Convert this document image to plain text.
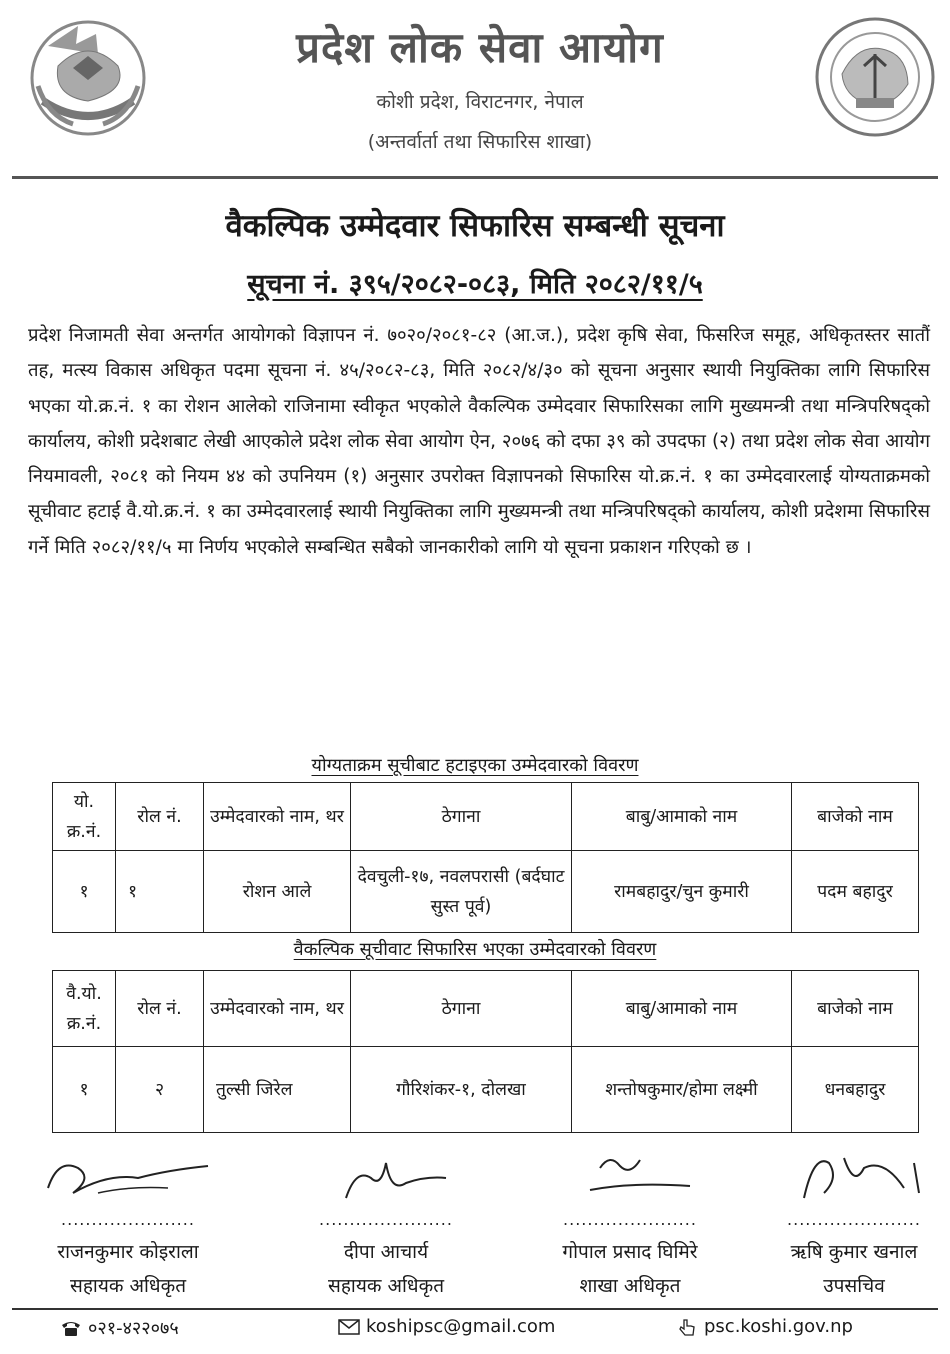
प्रदेश लोक सेवा आयोग
कोशी प्रदेश, विराटनगर, नेपाल
(अन्तर्वार्ता तथा सिफारिस शाखा)
वैकल्पिक उम्मेदवार सिफारिस सम्बन्धी सूचना
सूचना नं. ३९५/२०८२-०८३, मिति २०८२/११/५
प्रदेश निजामती सेवा अन्तर्गत आयोगको विज्ञापन नं. ७०२०/२०८१-८२ (आ.ज.), प्रदेश कृषि सेवा, फिसरिज समूह, अधिकृतस्तर सातौं तह, मत्स्य विकास अधिकृत पदमा सूचना नं. ४५/२०८२-८३, मिति २०८२/४/३० को सूचना अनुसार स्थायी नियुक्तिका लागि सिफारिस भएका यो.क्र.नं. १ का रोशन आलेको राजिनामा स्वीकृत भएकोले वैकल्पिक उम्मेदवार सिफारिसका लागि मुख्यमन्त्री तथा मन्त्रिपरिषद्को कार्यालय, कोशी प्रदेशबाट लेखी आएकोले प्रदेश लोक सेवा आयोग ऐन, २०७६ को दफा ३९ को उपदफा (२) तथा प्रदेश लोक सेवा आयोग नियमावली, २०८१ को नियम ४४ को उपनियम (१) अनुसार उपरोक्त विज्ञापनको सिफारिस यो.क्र.नं. १ का उम्मेदवारलाई योग्यताक्रमको सूचीवाट हटाई वै.यो.क्र.नं. १ का उम्मेदवारलाई स्थायी नियुक्तिका लागि मुख्यमन्त्री तथा मन्त्रिपरिषद्को कार्यालय, कोशी प्रदेशमा सिफारिस गर्ने मिति २०८२/११/५ मा निर्णय भएकोले सम्बन्धित सबैको जानकारीको लागि यो सूचना प्रकाशन गरिएको छ ।
योग्यताक्रम सूचीबाट हटाइएका उम्मेदवारको विवरण
यो. क्र.नं.	रोल नं.	उम्मेदवारको नाम, थर	ठेगाना	बाबु/आमाको नाम	बाजेको नाम
१	१	रोशन आले	देवचुली-१७, नवलपरासी (बर्दघाट सुस्त पूर्व)	रामबहादुर/चुन कुमारी	पदम बहादुर
वैकल्पिक सूचीवाट सिफारिस भएका उम्मेदवारको विवरण
वै.यो. क्र.नं.	रोल नं.	उम्मेदवारको नाम, थर	ठेगाना	बाबु/आमाको नाम	बाजेको नाम
१	२	तुल्सी जिरेल	गौरिशंकर-१, दोलखा	शन्तोषकुमार/होमा लक्ष्मी	धनबहादुर
......................
राजनकुमार कोइराला
सहायक अधिकृत
......................
दीपा आचार्य
सहायक अधिकृत
......................
गोपाल प्रसाद घिमिरे
शाखा अधिकृत
......................
ऋषि कुमार खनाल
उपसचिव
०२१-४२२०७५	koshipsc@gmail.com	psc.koshi.gov.np
